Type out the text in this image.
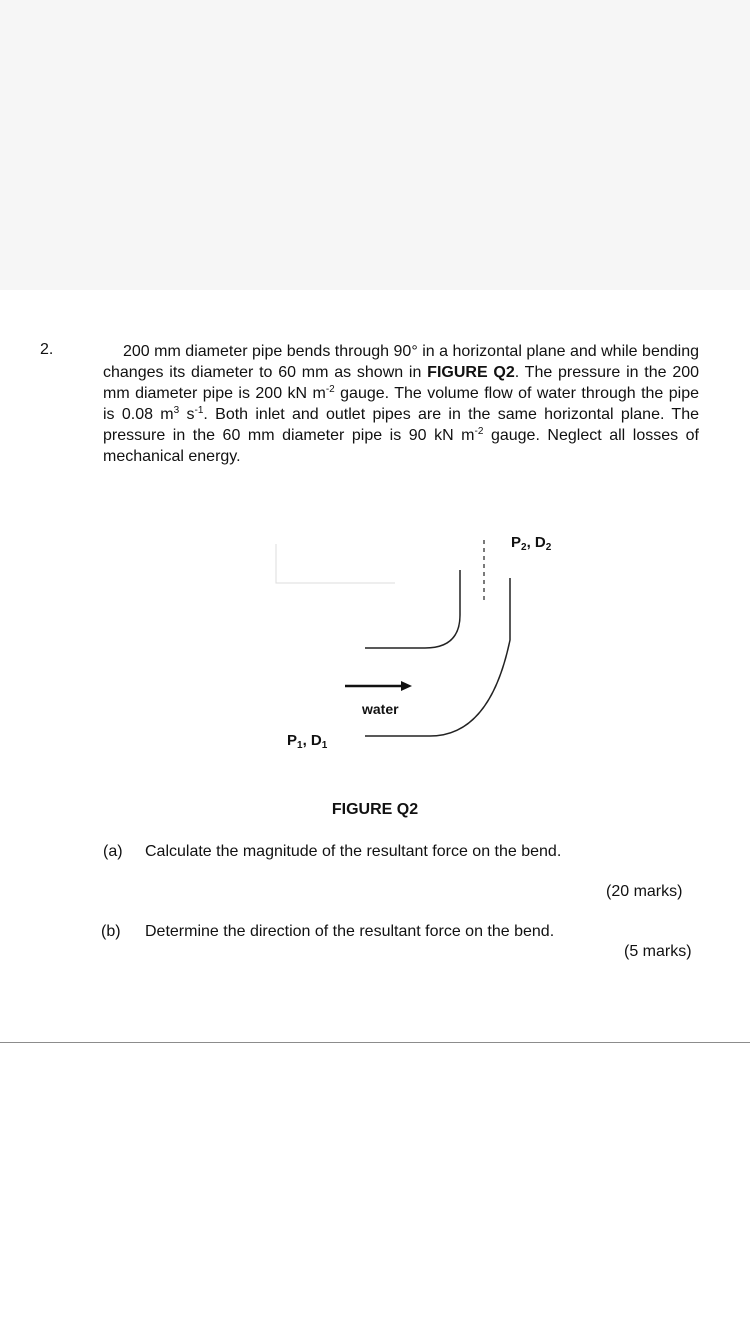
2.	200 mm diameter pipe bends through 90° in a horizontal plane and while bending changes its diameter to 60 mm as shown in FIGURE Q2. The pressure in the 200 mm diameter pipe is 200 kN $m^{-2}$ gauge. The volume flow of water through the pipe is 0.08 $m^3$ $s^{-1}$. Both inlet and outlet pipes are in the same horizontal plane. The pressure in the 60 mm diameter pipe is 90 kN $m^{-2}$ gauge. Neglect all losses of mechanical energy.
$P_2$, $D_2$
water
$P_1$, $D_1$
FIGURE Q2
(a) Calculate the magnitude of the resultant force on the bend.
(20 marks)
(b) Determine the direction of the resultant force on the bend.
(5 marks)
